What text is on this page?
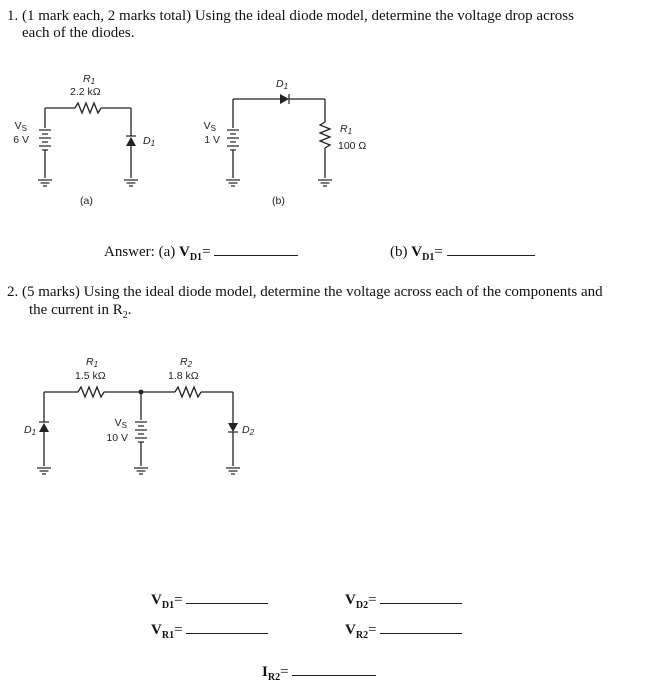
1. (1 mark each, 2 marks total) Using the ideal diode model, determine the voltage drop across
each of the diodes.
VS
6 V
R1
2.2 kΩ
D1
(a)
VS
1 V
D1
R1
100 Ω
(b)
R1
1.5 kΩ
R2
1.8 kΩ
VS
10 V
D1	D2
Answer: (a) $V_{D1}=$	(b) $V_{D1}=$
2. (5 marks) Using the ideal diode model, determine the voltage across each of the components and
the current in $R_2$.
$V_{D1}=$
$V_{R1}=$
$V_{D2}=$
$V_{R2}=$
$I_{R2}=$
